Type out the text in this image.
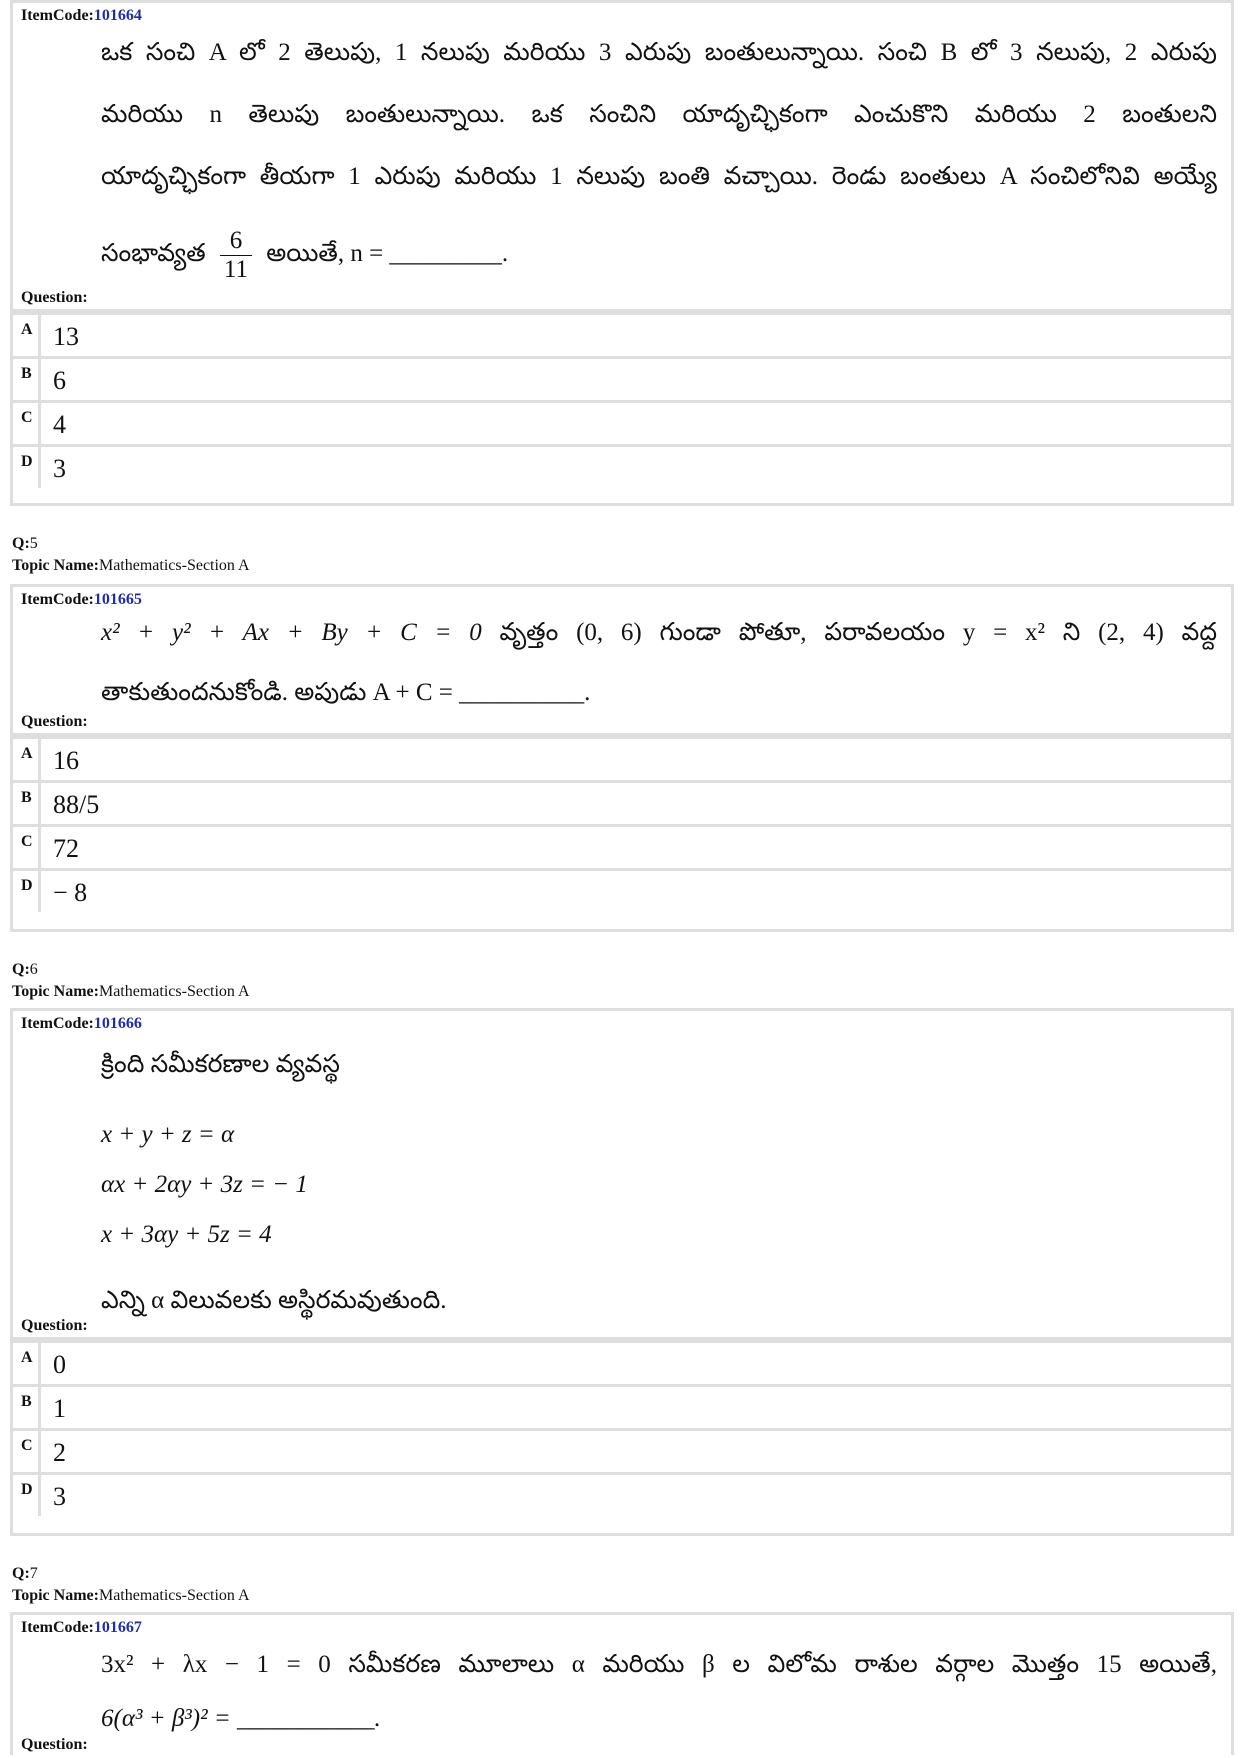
ItemCode:101664
ఒక సంచి A లో 2 తెలుపు, 1 నలుపు మరియు 3 ఎరుపు బంతులున్నాయి. సంచి B లో 3 నలుపు, 2 ఎరుపు
మరియు n తెలుపు బంతులున్నాయి. ఒక సంచిని యాదృచ్ఛికంగా ఎంచుకొని మరియు 2 బంతులని
యాదృచ్ఛికంగా తీయగా 1 ఎరుపు మరియు 1 నలుపు బంతి వచ్చాయి. రెండు బంతులు A సంచిలోనివి అయ్యే
సంభావ్యత $\frac{6}{11}$ అయితే, n = _________.
Question:
A 13
B 6
C 4
D 3
Q:5
Topic Name:Mathematics-Section A
ItemCode:101665
x² + y² + Ax + By + C = 0 వృత్తం (0, 6) గుండా పోతూ, పరావలయం y = x² ని (2, 4) వద్ద
తాకుతుందనుకోండి. అపుడు A + C = __________.
Question:
A 16
B 88/5
C 72
D − 8
Q:6
Topic Name:Mathematics-Section A
ItemCode:101666
క్రింది సమీకరణాల వ్యవస్థ
x + y + z = α
αx + 2αy + 3z = − 1
x + 3αy + 5z = 4
ఎన్ని α విలువలకు అస్థిరమవుతుంది.
Question:
A 0
B 1
C 2
D 3
Q:7
Topic Name:Mathematics-Section A
ItemCode:101667
3x² + λx − 1 = 0 సమీకరణ మూలాలు α మరియు β ల విలోమ రాశుల వర్గాల మొత్తం 15 అయితే,
6(α³ + β³)² = ___________.
Question:
